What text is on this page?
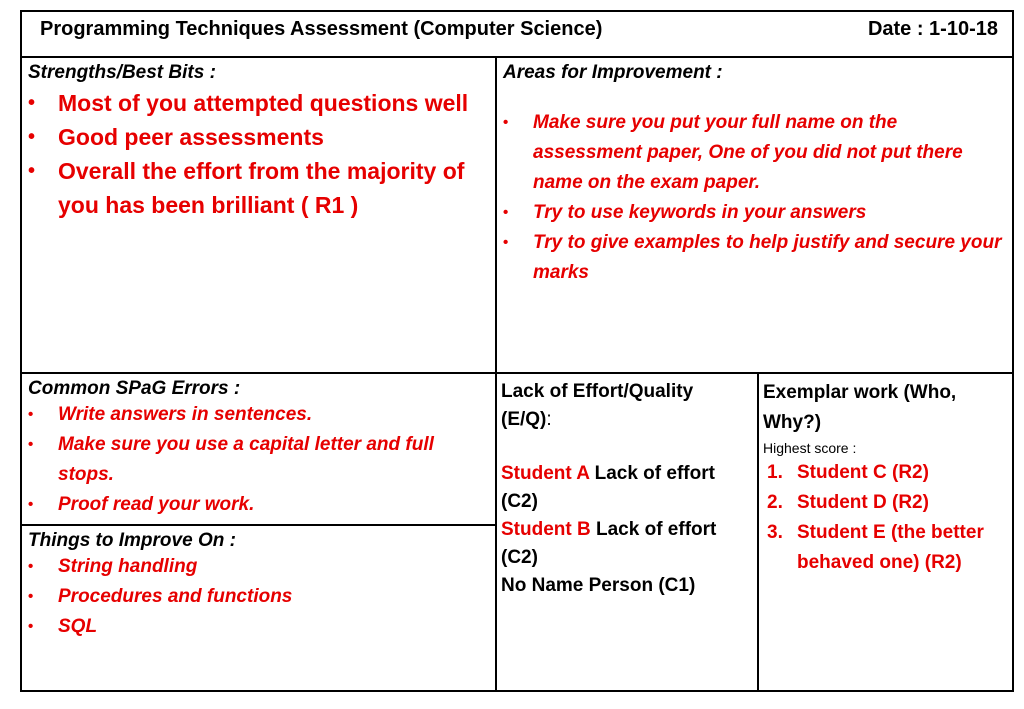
Programming Techniques Assessment (Computer Science)	Date : 1-10-18
Strengths/Best Bits :
• Most of you attempted questions well
• Good peer assessments
• Overall the effort from the majority of you has been brilliant ( R1 )
Areas for Improvement :
• Make sure you put your full name on the assessment paper, One of you did not put there name on the exam paper.
• Try to use keywords in your answers
• Try to give examples to help justify and secure your marks
Common SPaG Errors :
• Write answers in sentences.
• Make sure you use a capital letter and full stops.
• Proof read your work.
Things to Improve On :
• String handling
• Procedures and functions
• SQL
Lack of Effort/Quality (E/Q):
Student A Lack of effort (C2)
Student B Lack of effort (C2)
No Name Person (C1)
Exemplar work (Who, Why?)
Highest score :
1. Student C (R2)
2. Student D (R2)
3. Student E (the better behaved one) (R2)
